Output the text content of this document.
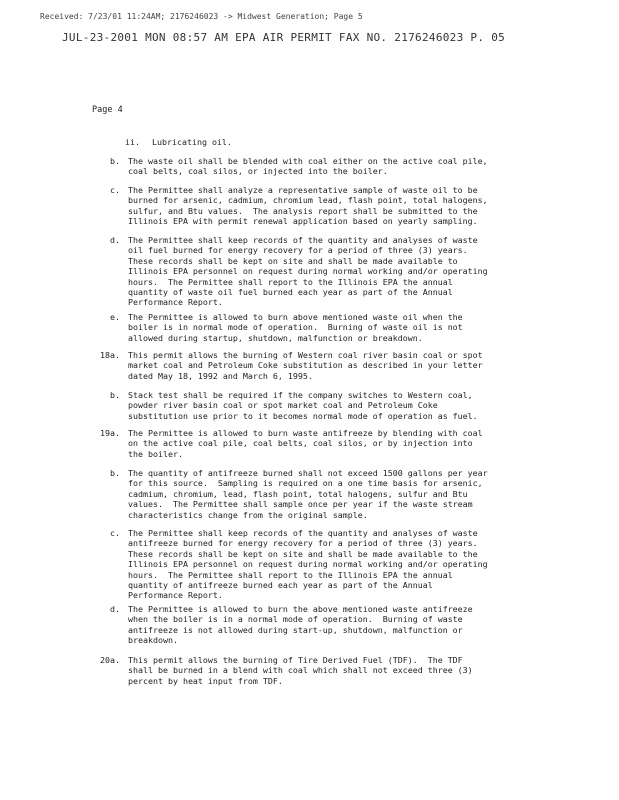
Received: 7/23/01 11:24AM; 2176246023 -> Midwest Generation; Page 5
JUL-23-2001 MON 08:57 AM EPA AIR PERMIT FAX NO. 2176246023 P. 05
Page 4
ii. Lubricating oil.
b. The waste oil shall be blended with coal either on the active coal pile,
coal belts, coal silos, or injected into the boiler.
c. The Permittee shall analyze a representative sample of waste oil to be
burned for arsenic, cadmium, chromium lead, flash point, total halogens,
sulfur, and Btu values.  The analysis report shall be submitted to the
Illinois EPA with permit renewal application based on yearly sampling.
d. The Permittee shall keep records of the quantity and analyses of waste
oil fuel burned for energy recovery for a period of three (3) years.
These records shall be kept on site and shall be made available to
Illinois EPA personnel on request during normal working and/or operating
hours.  The Permittee shall report to the Illinois EPA the annual
quantity of waste oil fuel burned each year as part of the Annual
Performance Report.
e. The Permittee is allowed to burn above mentioned waste oil when the
boiler is in normal mode of operation.  Burning of waste oil is not
allowed during startup, shutdown, malfunction or breakdown.
18a. This permit allows the burning of Western coal river basin coal or spot
market coal and Petroleum Coke substitution as described in your letter
dated May 18, 1992 and March 6, 1995.
b. Stack test shall be required if the company switches to Western coal,
powder river basin coal or spot market coal and Petroleum Coke
substitution use prior to it becomes normal mode of operation as fuel.
19a. The Permittee is allowed to burn waste antifreeze by blending with coal
on the active coal pile, coal belts, coal silos, or by injection into
the boiler.
b. The quantity of antifreeze burned shall not exceed 1500 gallons per year
for this source.  Sampling is required on a one time basis for arsenic,
cadmium, chromium, lead, flash point, total halogens, sulfur and Btu
values.  The Permittee shall sample once per year if the waste stream
characteristics change from the original sample.
c. The Permittee shall keep records of the quantity and analyses of waste
antifreeze burned for energy recovery for a period of three (3) years.
These records shall be kept on site and shall be made available to the
Illinois EPA personnel on request during normal working and/or operating
hours.  The Permittee shall report to the Illinois EPA the annual
quantity of antifreeze burned each year as part of the Annual
Performance Report.
d. The Permittee is allowed to burn the above mentioned waste antifreeze
when the boiler is in a normal mode of operation.  Burning of waste
antifreeze is not allowed during start-up, shutdown, malfunction or
breakdown.
20a. This permit allows the burning of Tire Derived Fuel (TDF).  The TDF
shall be burned in a blend with coal which shall not exceed three (3)
percent by heat input from TDF.
